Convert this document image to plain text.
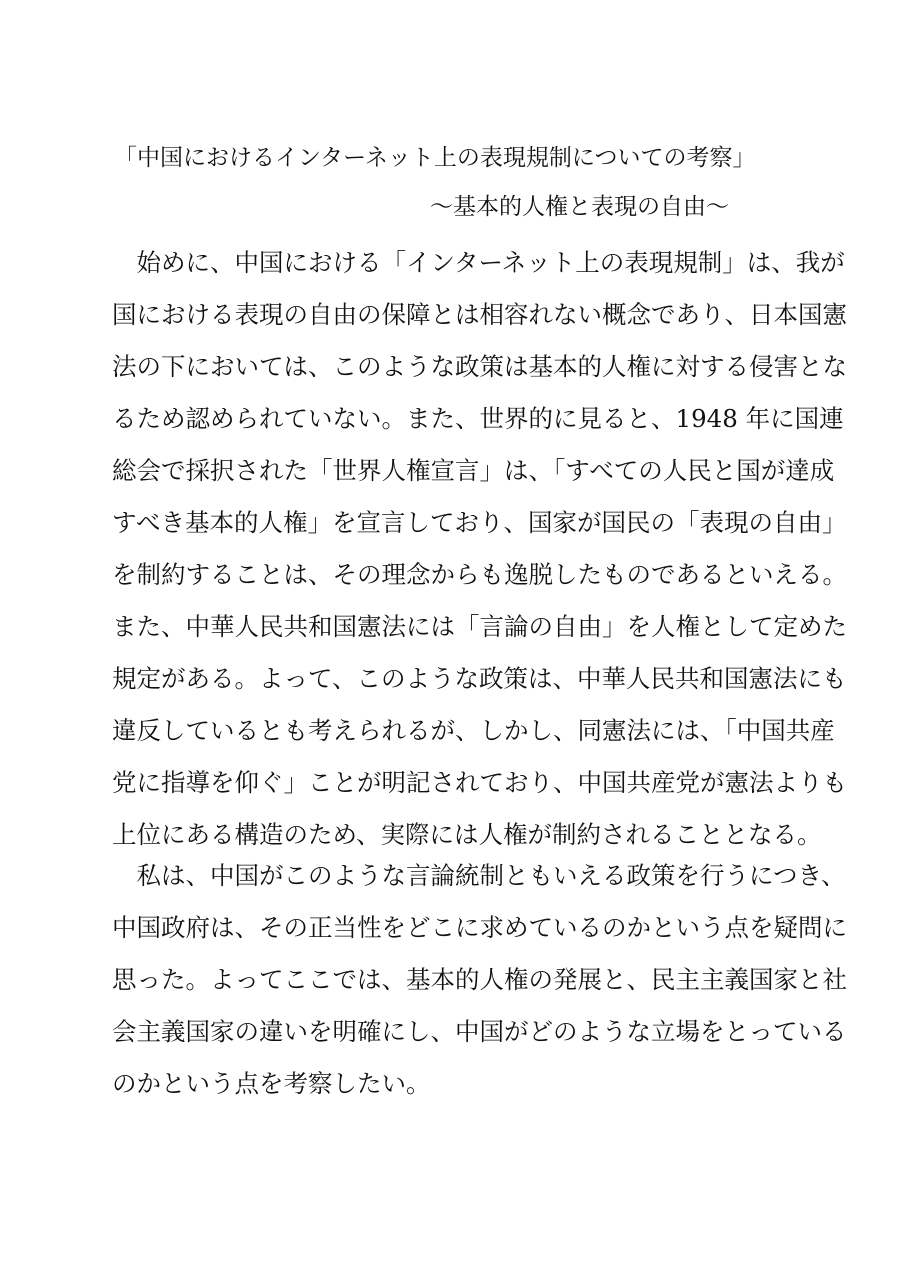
「中国におけるインターネット上の表現規制についての考察」
〜基本的人権と表現の自由〜
　始めに、中国における「インターネット上の表現規制」は、我が
国における表現の自由の保障とは相容れない概念であり、日本国憲
法の下においては、このような政策は基本的人権に対する侵害とな
るため認められていない。また、世界的に見ると、1948 年に国連
総会で採択された「世界人権宣言」は、「すべての人民と国が達成
すべき基本的人権」を宣言しており、国家が国民の「表現の自由」
を制約することは、その理念からも逸脱したものであるといえる。
また、中華人民共和国憲法には「言論の自由」を人権として定めた
規定がある。よって、このような政策は、中華人民共和国憲法にも
違反しているとも考えられるが、しかし、同憲法には、「中国共産
党に指導を仰ぐ」ことが明記されており、中国共産党が憲法よりも
上位にある構造のため、実際には人権が制約されることとなる。
　私は、中国がこのような言論統制ともいえる政策を行うにつき、
中国政府は、その正当性をどこに求めているのかという点を疑問に
思った。よってここでは、基本的人権の発展と、民主主義国家と社
会主義国家の違いを明確にし、中国がどのような立場をとっている
のかという点を考察したい。
